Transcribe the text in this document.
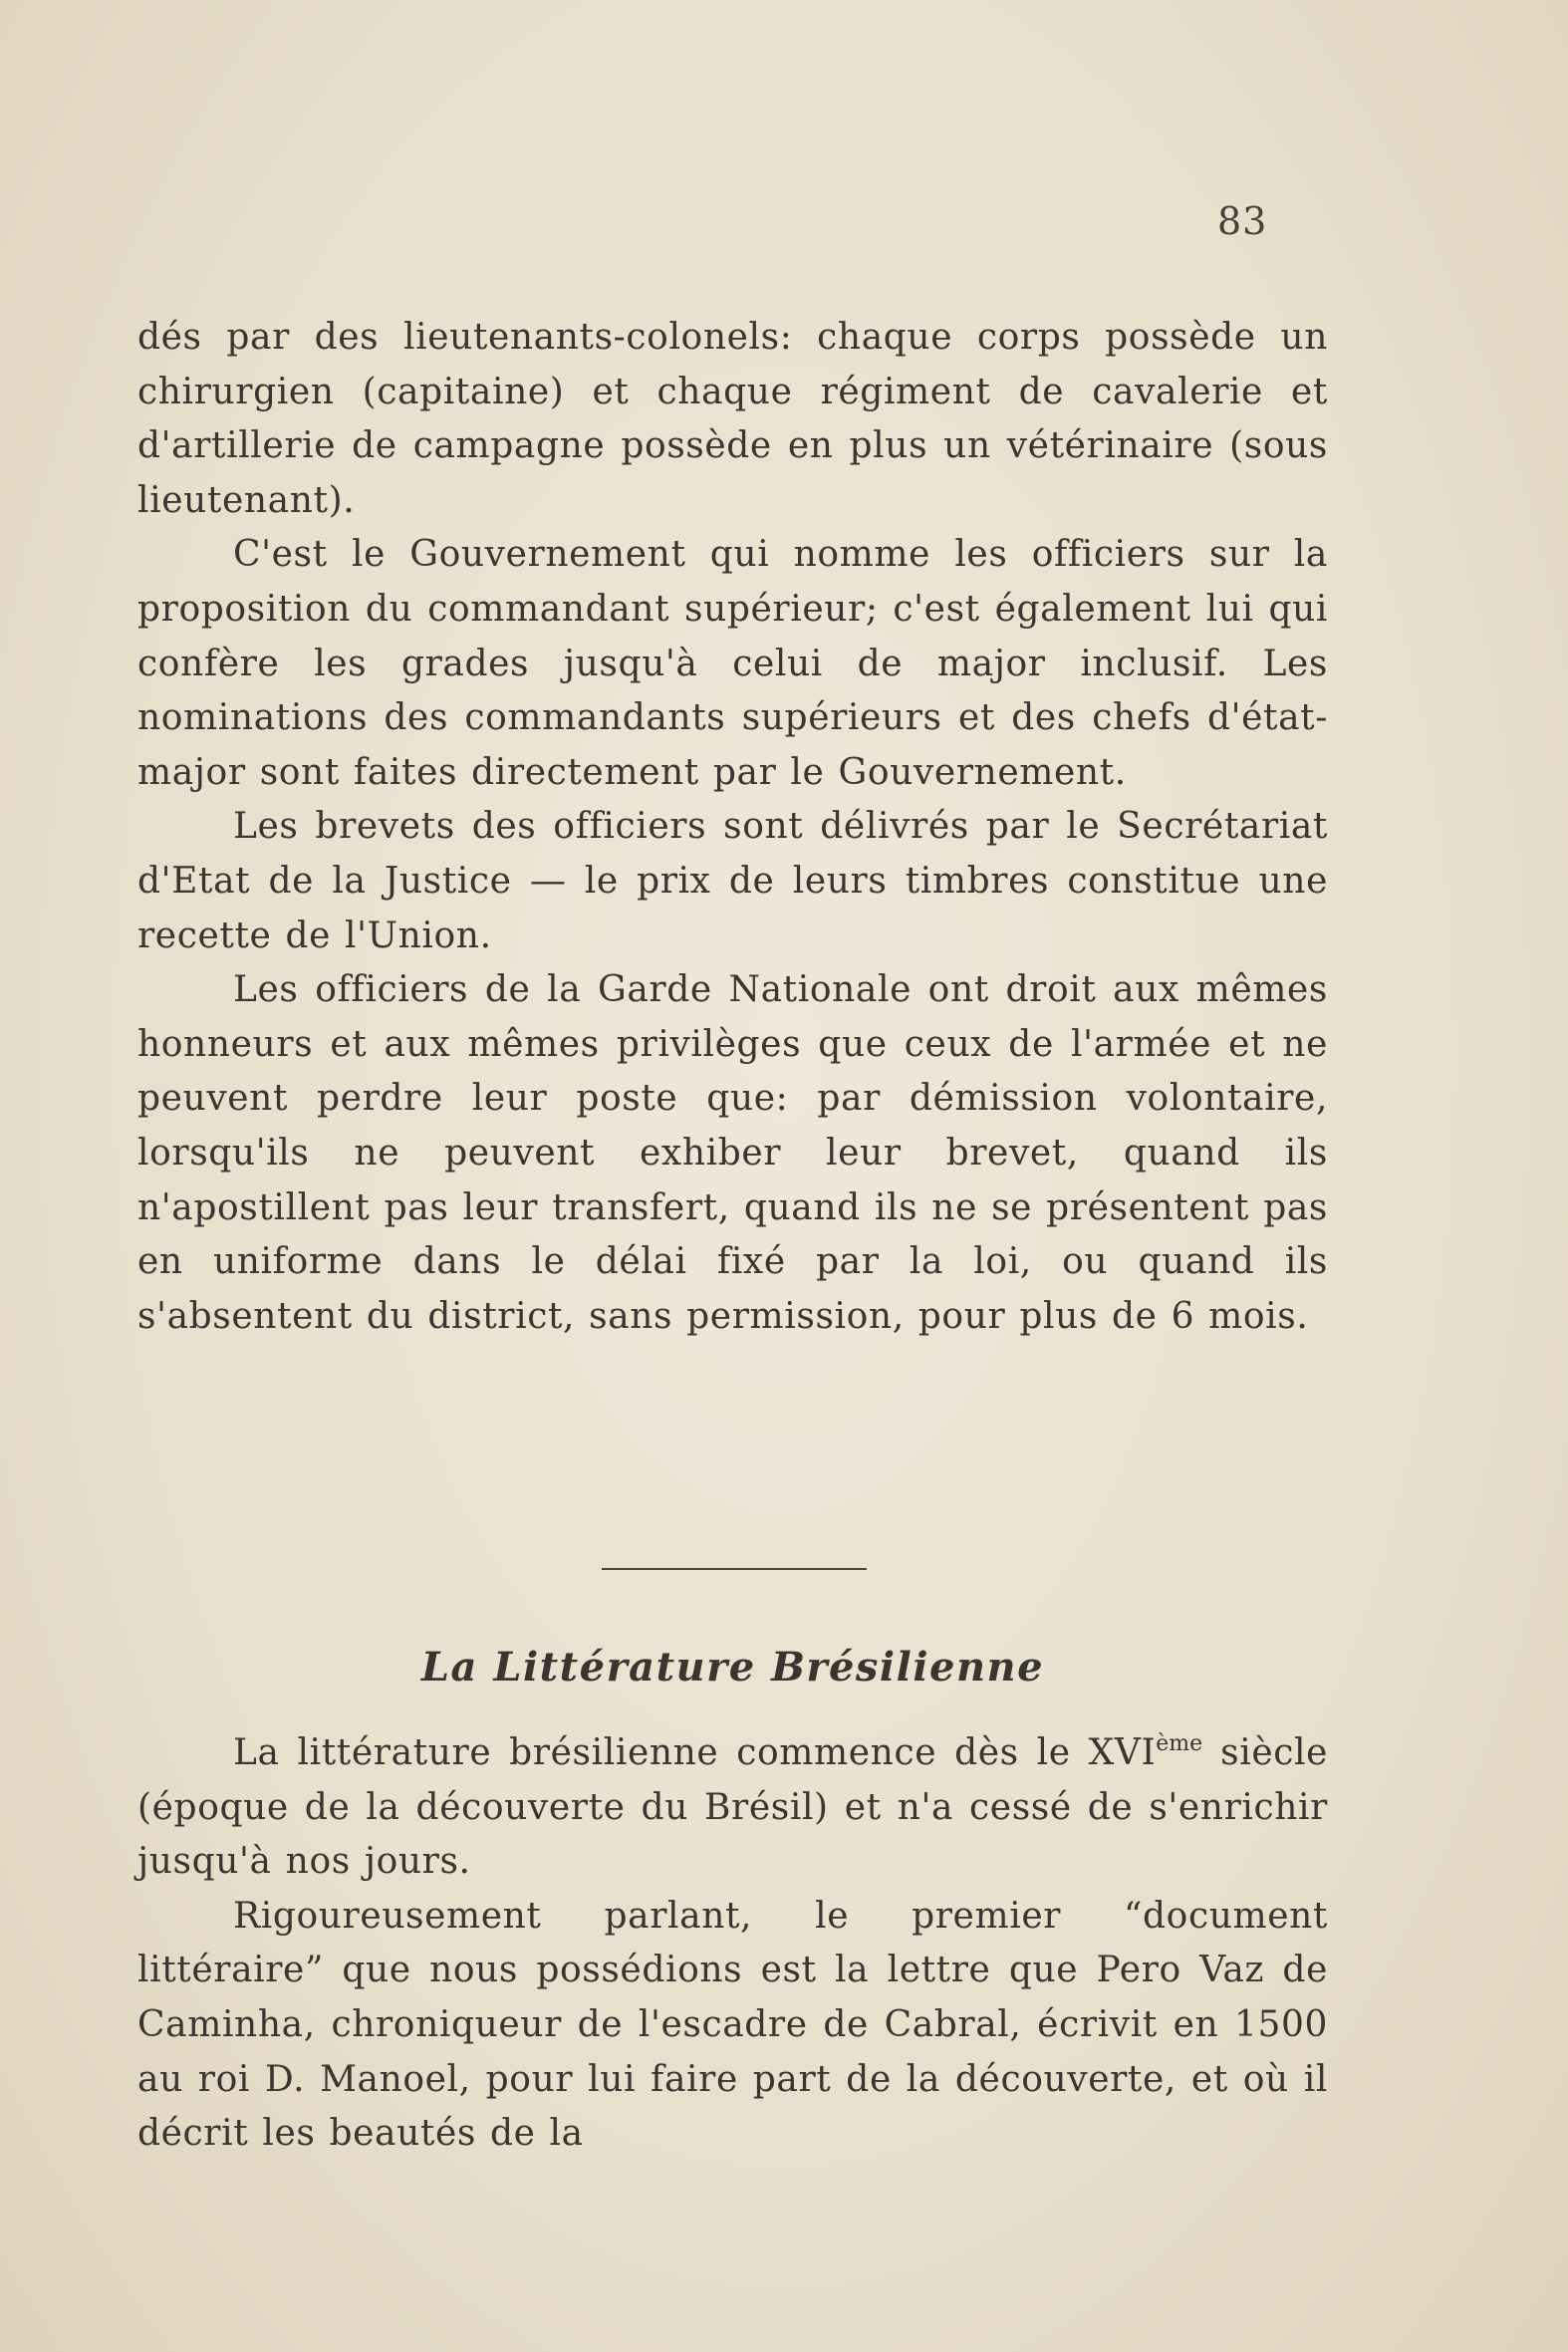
83

dés par des lieutenants-colonels: chaque corps possède un chirurgien (capitaine) et chaque régiment de cavalerie et d'artillerie de campagne possède en plus un vétérinaire (sous lieutenant).

C'est le Gouvernement qui nomme les officiers sur la proposition du commandant supérieur; c'est également lui qui confère les grades jusqu'à celui de major inclusif. Les nominations des commandants supérieurs et des chefs d'état-major sont faites directement par le Gouvernement.

Les brevets des officiers sont délivrés par le Secrétariat d'Etat de la Justice — le prix de leurs timbres constitue une recette de l'Union.

Les officiers de la Garde Nationale ont droit aux mêmes honneurs et aux mêmes privilèges que ceux de l'armée et ne peuvent perdre leur poste que: par démission volontaire, lorsqu'ils ne peuvent exhiber leur brevet, quand ils n'apostillent pas leur transfert, quand ils ne se présentent pas en uniforme dans le délai fixé par la loi, ou quand ils s'absentent du district, sans permission, pour plus de 6 mois.

La Littérature Brésilienne

La littérature brésilienne commence dès le XVIème siècle (époque de la découverte du Brésil) et n'a cessé de s'enrichir jusqu'à nos jours.

Rigoureusement parlant, le premier “document littéraire” que nous possédions est la lettre que Pero Vaz de Caminha, chroniqueur de l'escadre de Cabral, écrivit en 1500 au roi D. Manoel, pour lui faire part de la découverte, et où il décrit les beautés de la
